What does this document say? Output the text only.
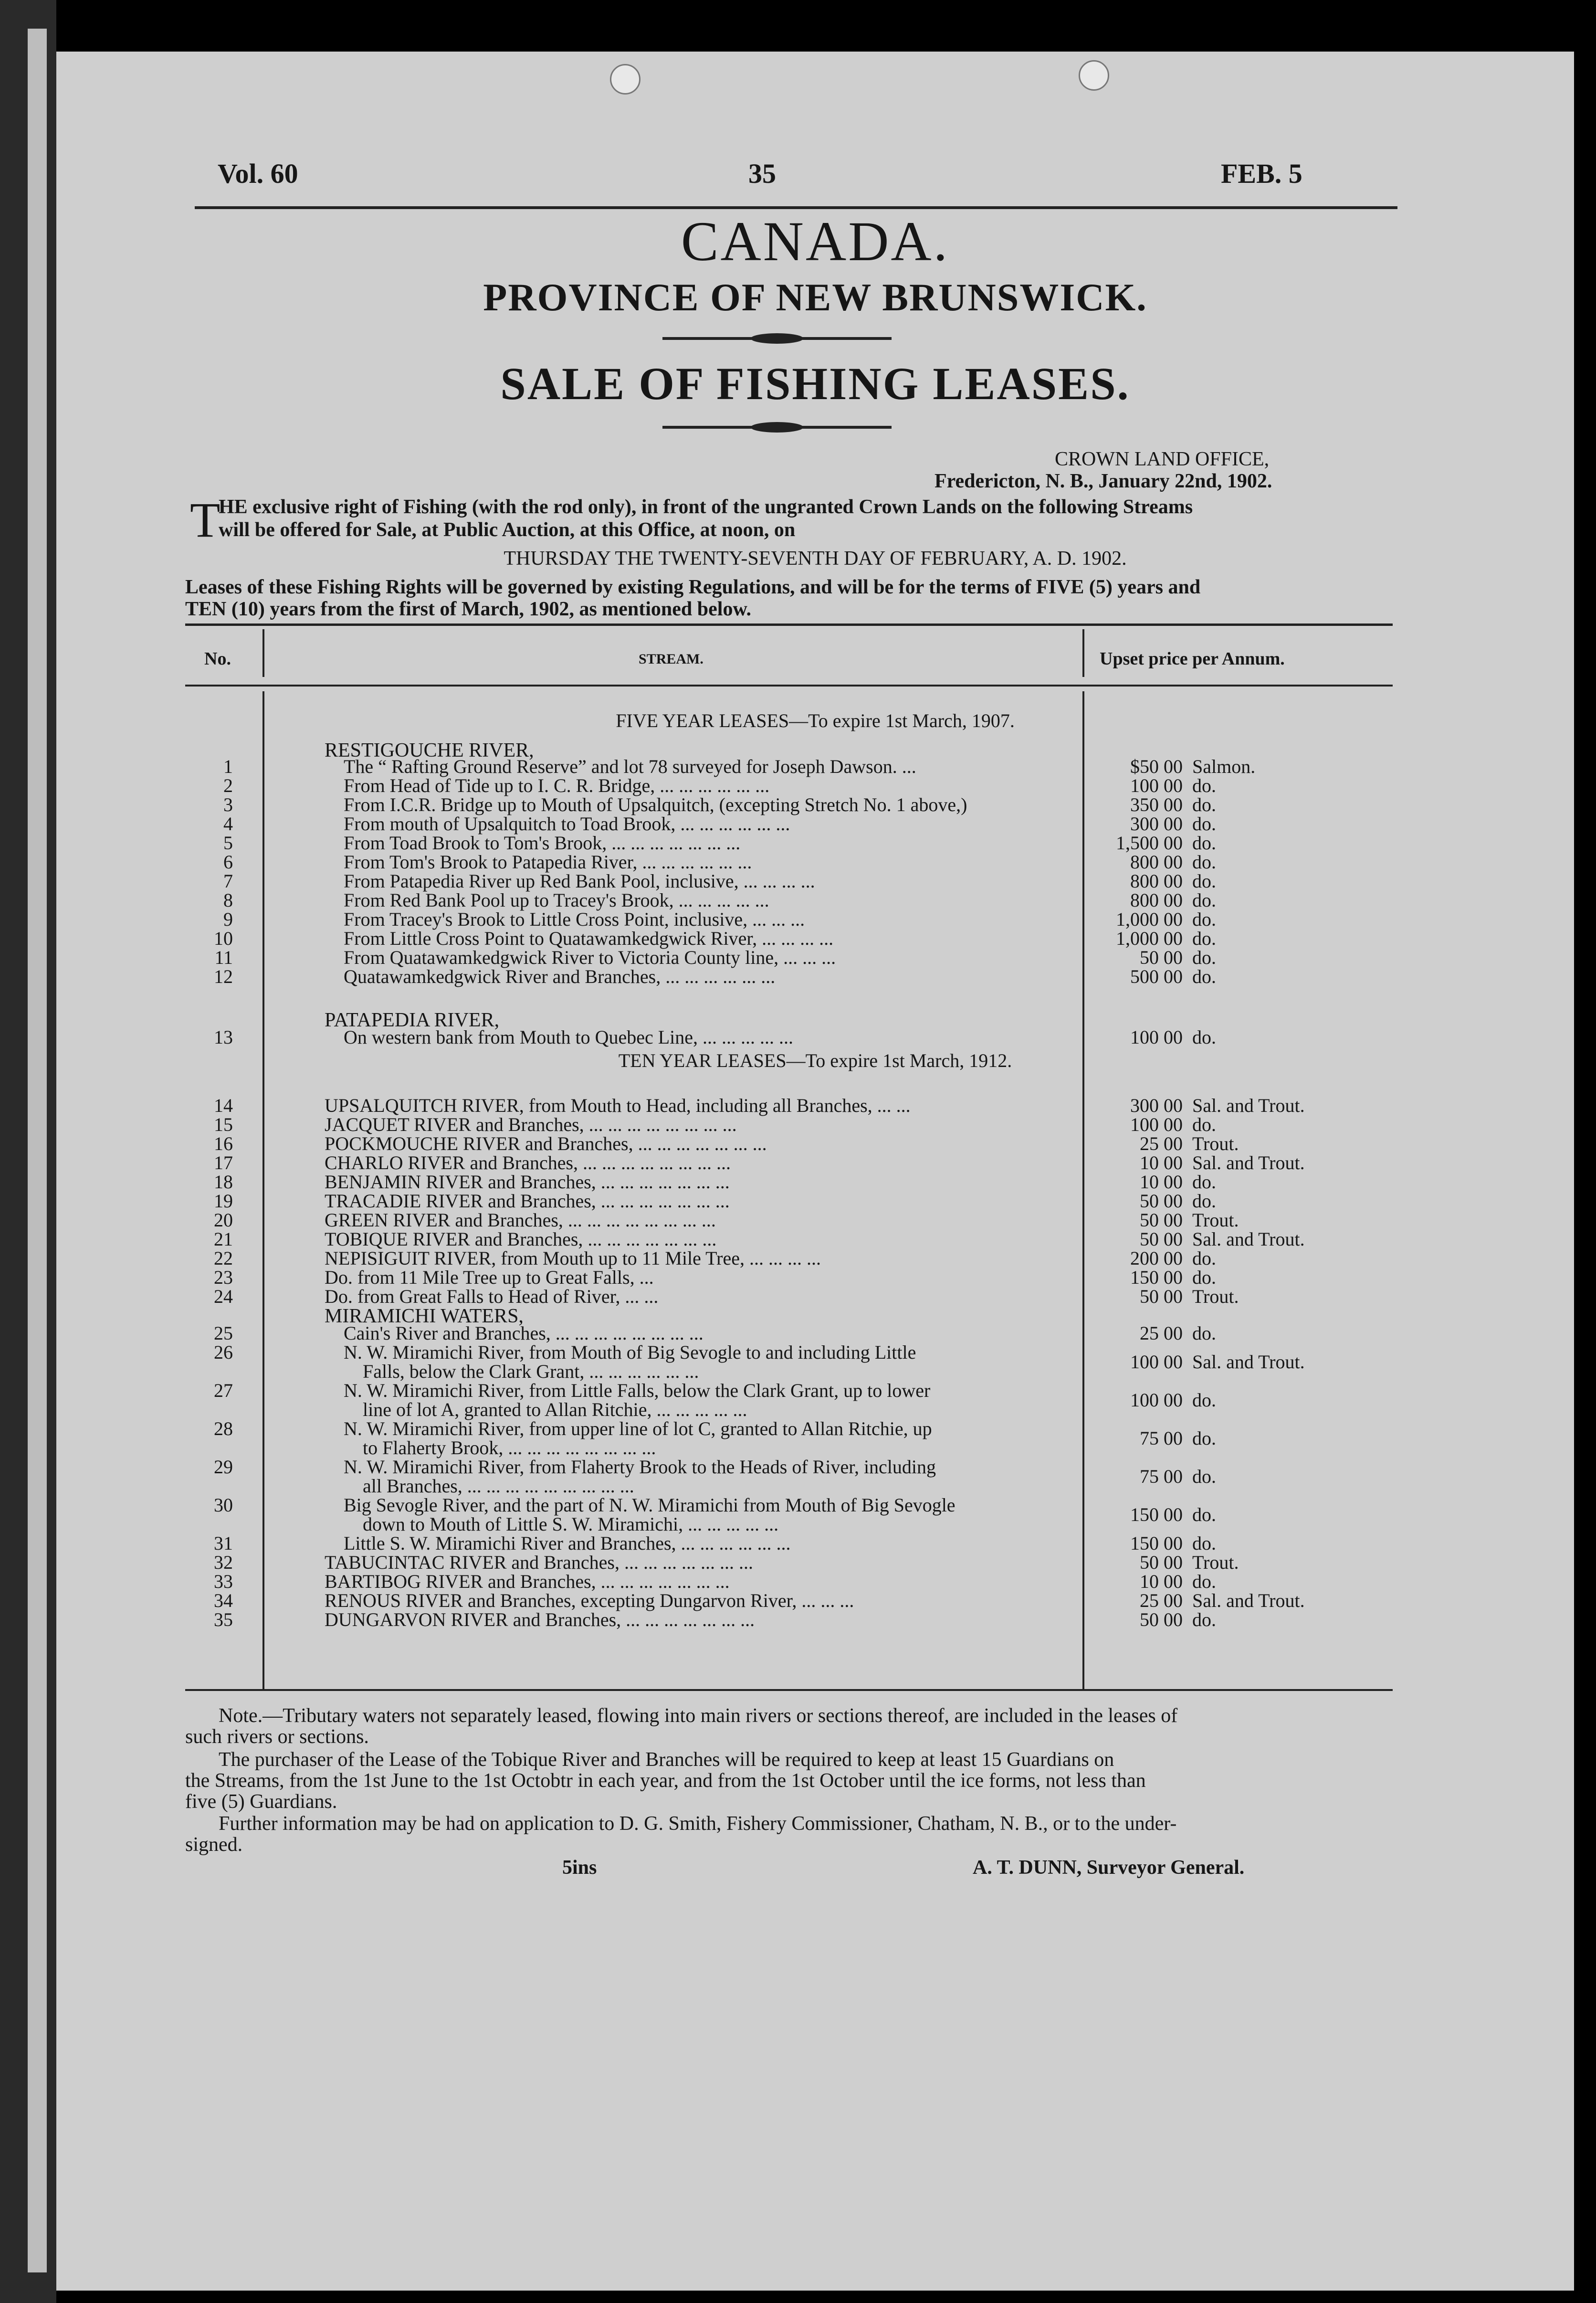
Vol. 60	35	FEB. 5
CANADA.
PROVINCE OF NEW BRUNSWICK.
SALE OF FISHING LEASES.
CROWN LAND OFFICE,
Fredericton, N. B., January 22nd, 1902.
T
HE exclusive right of Fishing (with the rod only), in front of the ungranted Crown Lands on the following Streams
will be offered for Sale, at Public Auction, at this Office, at noon, on
THURSDAY THE TWENTY-SEVENTH DAY OF FEBRUARY, A. D. 1902.
Leases of these Fishing Rights will be governed by existing Regulations, and will be for the terms of FIVE (5) years and
TEN (10) years from the first of March, 1902, as mentioned below.
No.	STREAM.	Upset price per Annum.
FIVE YEAR LEASES—To expire 1st March, 1907.
RESTIGOUCHE RIVER,
1	The “ Rafting Ground Reserve” and lot 78 surveyed for Joseph Dawson. ...	$50 00 Salmon.
2	From Head of Tide up to I. C. R. Bridge, ... ... ... ... ... ...	100 00 do.
3	From I.C.R. Bridge up to Mouth of Upsalquitch, (excepting Stretch No. 1 above,)	350 00 do.
4	From mouth of Upsalquitch to Toad Brook, ... ... ... ... ... ...	300 00 do.
5	From Toad Brook to Tom's Brook, ... ... ... ... ... ... ...	1,500 00 do.
6	From Tom's Brook to Patapedia River, ... ... ... ... ... ...	800 00 do.
7	From Patapedia River up Red Bank Pool, inclusive, ... ... ... ...	800 00 do.
8	From Red Bank Pool up to Tracey's Brook, ... ... ... ... ...	800 00 do.
9	From Tracey's Brook to Little Cross Point, inclusive, ... ... ...	1,000 00 do.
10	From Little Cross Point to Quatawamkedgwick River, ... ... ... ...	1,000 00 do.
11	From Quatawamkedgwick River to Victoria County line, ... ... ...	50 00 do.
12	Quatawamkedgwick River and Branches, ... ... ... ... ... ...	500 00 do.
13	On western bank from Mouth to Quebec Line, ... ... ... ... ...	100 00 do.
14	UPSALQUITCH RIVER, from Mouth to Head, including all Branches, ... ...	300 00 Sal. and Trout.
15	JACQUET RIVER and Branches, ... ... ... ... ... ... ... ...	100 00 do.
16	POCKMOUCHE RIVER and Branches, ... ... ... ... ... ... ...	25 00 Trout.
17	CHARLO RIVER and Branches, ... ... ... ... ... ... ... ...	10 00 Sal. and Trout.
18	BENJAMIN RIVER and Branches, ... ... ... ... ... ... ...	10 00 do.
19	TRACADIE RIVER and Branches, ... ... ... ... ... ... ...	50 00 do.
20	GREEN RIVER and Branches, ... ... ... ... ... ... ... ...	50 00 Trout.
21	TOBIQUE RIVER and Branches, ... ... ... ... ... ... ...	50 00 Sal. and Trout.
22	NEPISIGUIT RIVER, from Mouth up to 11 Mile Tree, ... ... ... ...	200 00 do.
23	Do. from 11 Mile Tree up to Great Falls, ...	150 00 do.
24	Do. from Great Falls to Head of River, ... ...	50 00 Trout.
25	Cain's River and Branches, ... ... ... ... ... ... ... ...	25 00 do.
26	N. W. Miramichi River, from Mouth of Big Sevogle to and including Little
Falls, below the Clark Grant, ... ... ... ... ... ...	100 00 Sal. and Trout.
27	N. W. Miramichi River, from Little Falls, below the Clark Grant, up to lower
line of lot A, granted to Allan Ritchie, ... ... ... ... ...	100 00 do.
28	N. W. Miramichi River, from upper line of lot C, granted to Allan Ritchie, up
to Flaherty Brook, ... ... ... ... ... ... ... ...	75 00 do.
29	N. W. Miramichi River, from Flaherty Brook to the Heads of River, including
all Branches, ... ... ... ... ... ... ... ... ...	75 00 do.
30	Big Sevogle River, and the part of N. W. Miramichi from Mouth of Big Sevogle
down to Mouth of Little S. W. Miramichi, ... ... ... ... ...	150 00 do.
31	Little S. W. Miramichi River and Branches, ... ... ... ... ... ...	150 00 do.
32	TABUCINTAC RIVER and Branches, ... ... ... ... ... ... ...	50 00 Trout.
33	BARTIBOG RIVER and Branches, ... ... ... ... ... ... ...	10 00 do.
34	RENOUS RIVER and Branches, excepting Dungarvon River, ... ... ...	25 00 Sal. and Trout.
35	DUNGARVON RIVER and Branches, ... ... ... ... ... ... ...	50 00 do.
PATAPEDIA RIVER,
TEN YEAR LEASES—To expire 1st March, 1912.
MIRAMICHI WATERS,
Note.—Tributary waters not separately leased, flowing into main rivers or sections thereof, are included in the leases of
such rivers or sections.
The purchaser of the Lease of the Tobique River and Branches will be required to keep at least 15 Guardians on
the Streams, from the 1st June to the 1st Octobtr in each year, and from the 1st October until the ice forms, not less than
five (5) Guardians.
Further information may be had on application to D. G. Smith, Fishery Commissioner, Chatham, N. B., or to the under-
signed.
5ins	A. T. DUNN, Surveyor General.
